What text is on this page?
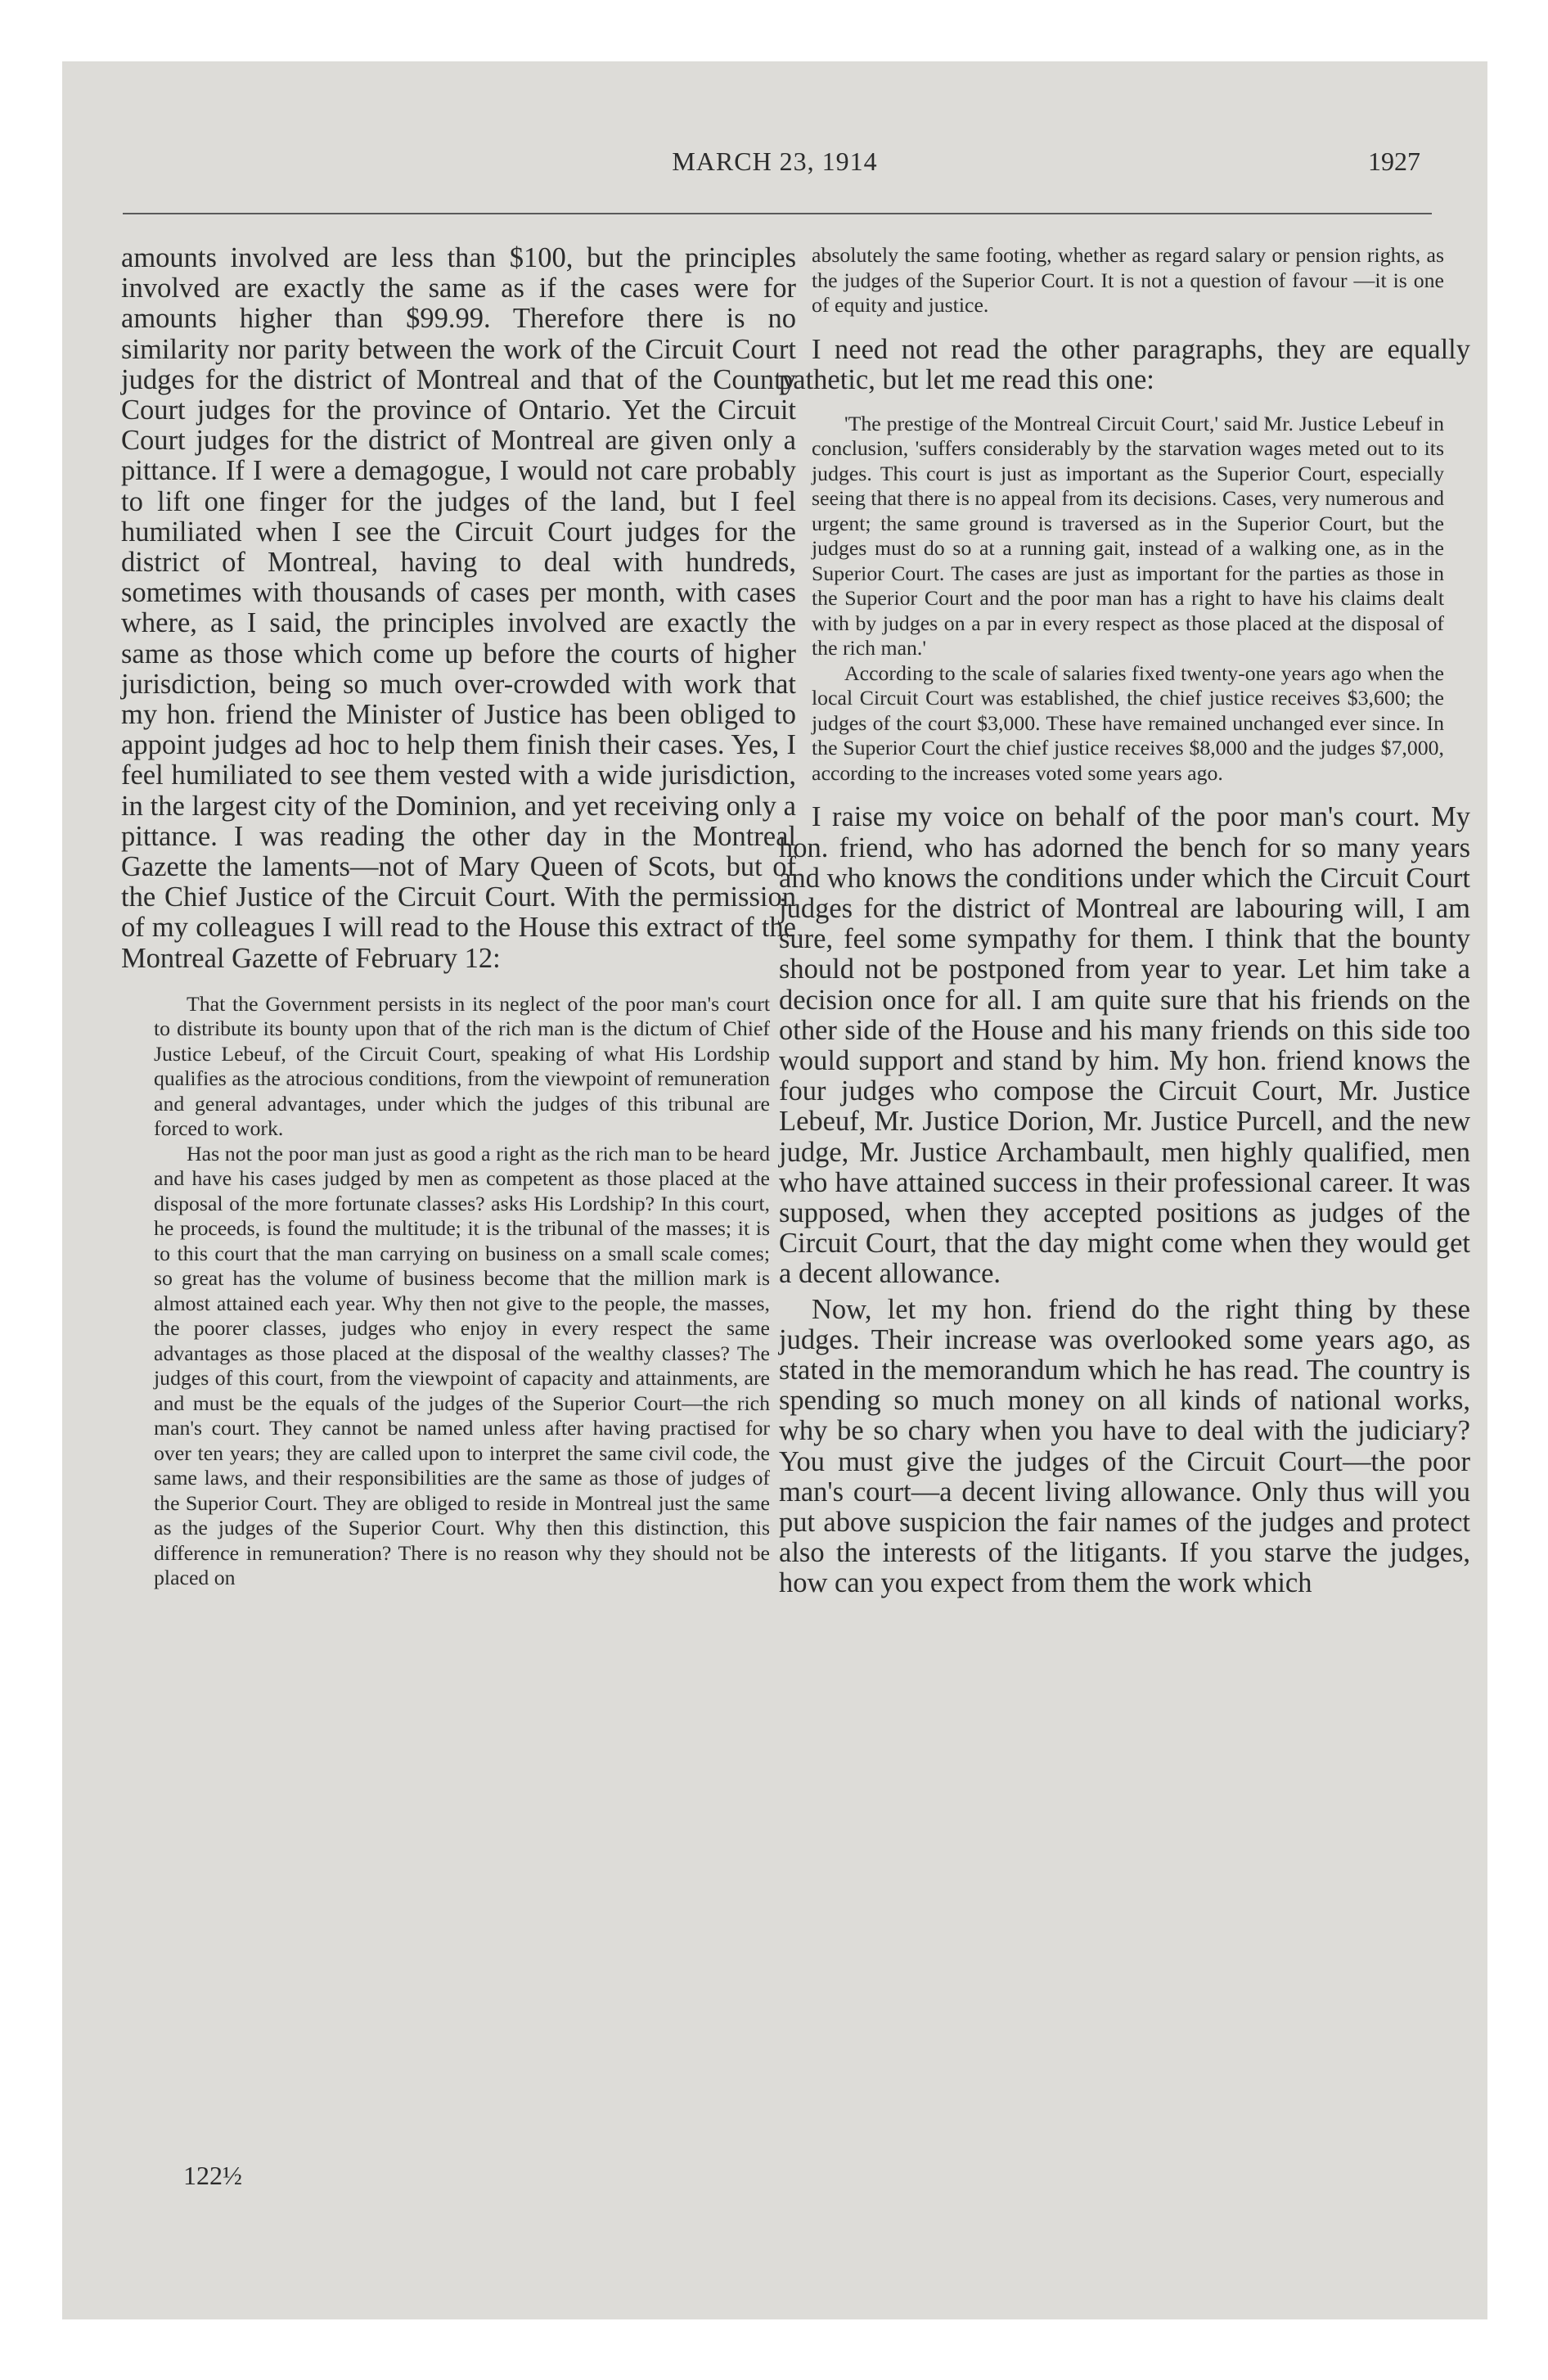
MARCH 23, 1914	1927

amounts involved are less than $100, but the principles involved are exactly the same as if the cases were for amounts higher than $99.99. Therefore there is no similarity nor parity between the work of the Circuit Court judges for the district of Montreal and that of the County Court judges for the province of Ontario. Yet the Circuit Court judges for the district of Montreal are given only a pittance. If I were a demagogue, I would not care probably to lift one finger for the judges of the land, but I feel humiliated when I see the Circuit Court judges for the district of Montreal, having to deal with hundreds, sometimes with thousands of cases per month, with cases where, as I said, the principles involved are exactly the same as those which come up before the courts of higher jurisdiction, being so much over-crowded with work that my hon. friend the Minister of Justice has been obliged to appoint judges ad hoc to help them finish their cases. Yes, I feel humiliated to see them vested with a wide jurisdiction, in the largest city of the Dominion, and yet receiving only a pittance. I was reading the other day in the Montreal Gazette the laments—not of Mary Queen of Scots, but of the Chief Justice of the Circuit Court. With the permission of my colleagues I will read to the House this extract of the Montreal Gazette of February 12:

That the Government persists in its neglect of the poor man's court to distribute its bounty upon that of the rich man is the dictum of Chief Justice Lebeuf, of the Circuit Court, speaking of what His Lordship qualifies as the atrocious conditions, from the viewpoint of remuneration and general advantages, under which the judges of this tribunal are forced to work.

Has not the poor man just as good a right as the rich man to be heard and have his cases judged by men as competent as those placed at the disposal of the more fortunate classes? asks His Lordship? In this court, he proceeds, is found the multitude; it is the tribunal of the masses; it is to this court that the man carrying on business on a small scale comes; so great has the volume of business become that the million mark is almost attained each year. Why then not give to the people, the masses, the poorer classes, judges who enjoy in every respect the same advantages as those placed at the disposal of the wealthy classes? The judges of this court, from the viewpoint of capacity and attainments, are and must be the equals of the judges of the Superior Court—the rich man's court. They cannot be named unless after having practised for over ten years; they are called upon to interpret the same civil code, the same laws, and their responsibilities are the same as those of judges of the Superior Court. They are obliged to reside in Montreal just the same as the judges of the Superior Court. Why then this distinction, this difference in remuneration? There is no reason why they should not be placed on

122½

absolutely the same footing, whether as regard salary or pension rights, as the judges of the Superior Court. It is not a question of favour —it is one of equity and justice.

I need not read the other paragraphs, they are equally pathetic, but let me read this one:

'The prestige of the Montreal Circuit Court,' said Mr. Justice Lebeuf in conclusion, 'suffers considerably by the starvation wages meted out to its judges. This court is just as important as the Superior Court, especially seeing that there is no appeal from its decisions. Cases, very numerous and urgent; the same ground is traversed as in the Superior Court, but the judges must do so at a running gait, instead of a walking one, as in the Superior Court. The cases are just as important for the parties as those in the Superior Court and the poor man has a right to have his claims dealt with by judges on a par in every respect as those placed at the disposal of the rich man.'

According to the scale of salaries fixed twenty-one years ago when the local Circuit Court was established, the chief justice receives $3,600; the judges of the court $3,000. These have remained unchanged ever since. In the Superior Court the chief justice receives $8,000 and the judges $7,000, according to the increases voted some years ago.

I raise my voice on behalf of the poor man's court. My hon. friend, who has adorned the bench for so many years and who knows the conditions under which the Circuit Court judges for the district of Montreal are labouring will, I am sure, feel some sympathy for them. I think that the bounty should not be postponed from year to year. Let him take a decision once for all. I am quite sure that his friends on the other side of the House and his many friends on this side too would support and stand by him. My hon. friend knows the four judges who compose the Circuit Court, Mr. Justice Lebeuf, Mr. Justice Dorion, Mr. Justice Purcell, and the new judge, Mr. Justice Archambault, men highly qualified, men who have attained success in their professional career. It was supposed, when they accepted positions as judges of the Circuit Court, that the day might come when they would get a decent allowance.

Now, let my hon. friend do the right thing by these judges. Their increase was overlooked some years ago, as stated in the memorandum which he has read. The country is spending so much money on all kinds of national works, why be so chary when you have to deal with the judiciary? You must give the judges of the Circuit Court—the poor man's court—a decent living allowance. Only thus will you put above suspicion the fair names of the judges and protect also the interests of the litigants. If you starve the judges, how can you expect from them the work which
